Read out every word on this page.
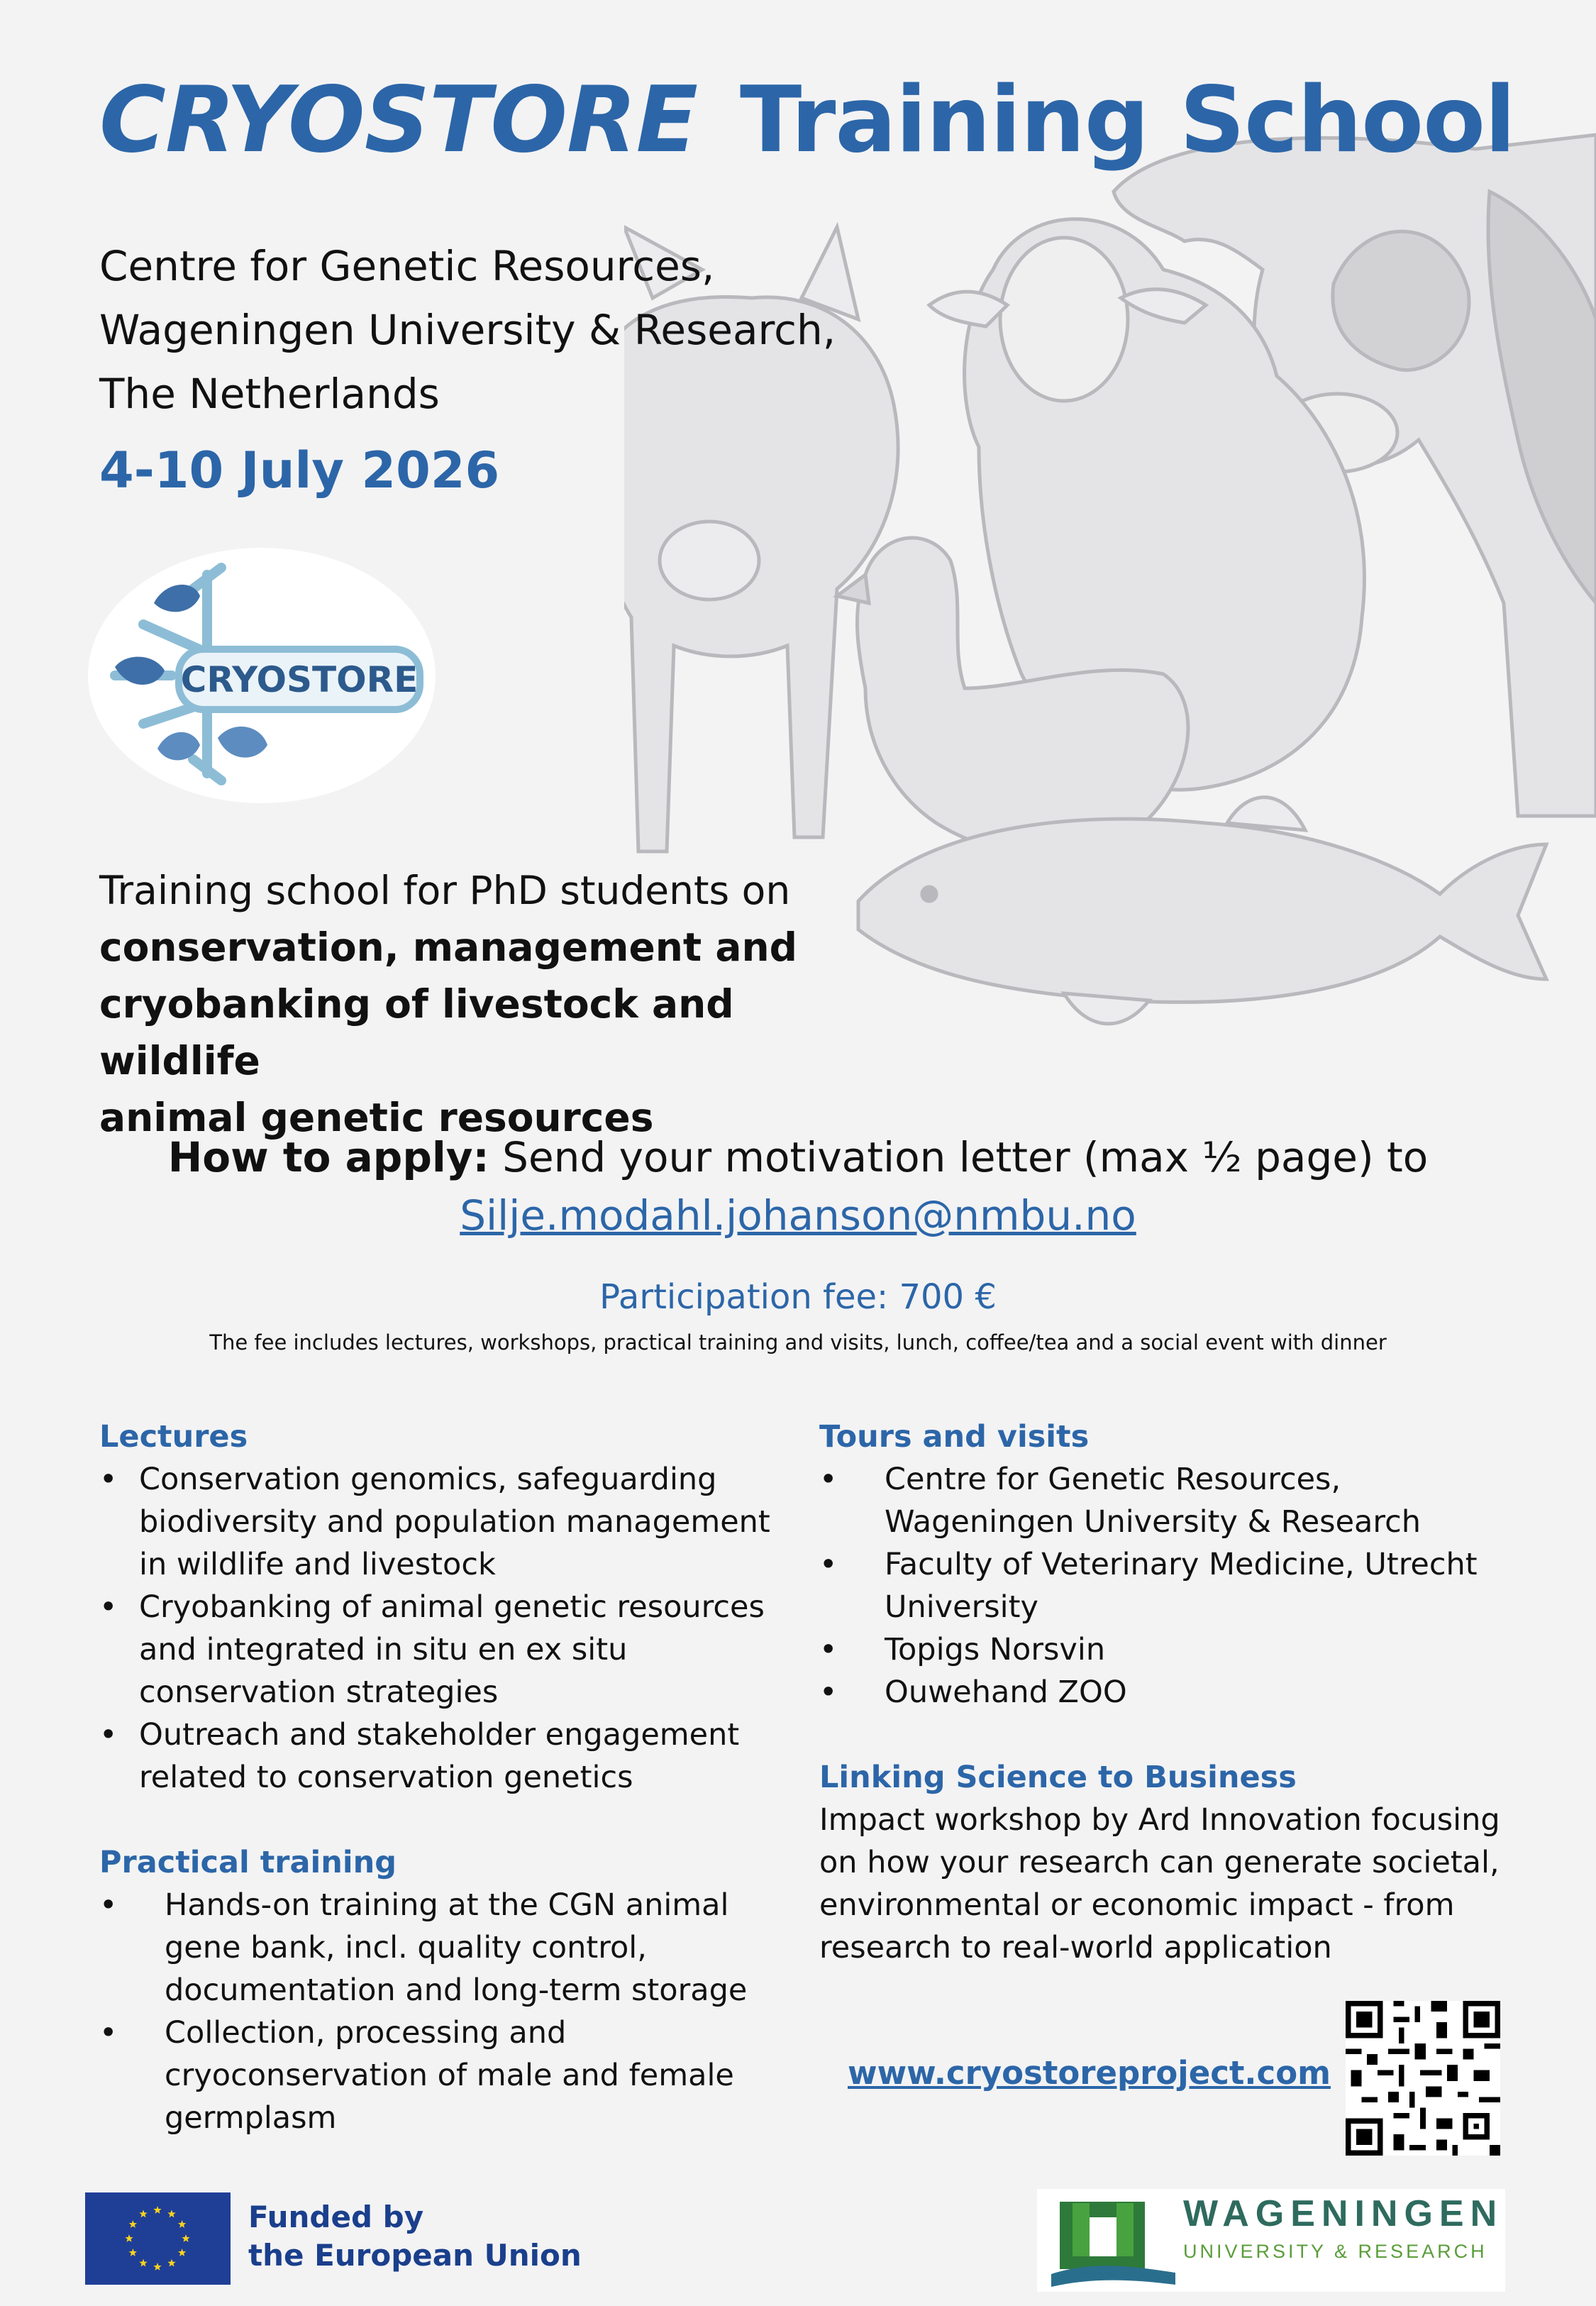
CRYOSTORE Training School
Centre for Genetic Resources,
Wageningen University & Research,
The Netherlands
4-10 July 2026
CRYOSTORE
Training school for PhD students on
conservation, management and
cryobanking of livestock and wildlife
animal genetic resources
How to apply: Send your motivation letter (max ½ page) to
Silje.modahl.johanson@nmbu.no
Participation fee: 700 €
The fee includes lectures, workshops, practical training and visits, lunch, coffee/tea and a social event with dinner
Lectures
• Conservation genomics, safeguarding
biodiversity and population management
in wildlife and livestock
• Cryobanking of animal genetic resources
and integrated in situ en ex situ
conservation strategies
• Outreach and stakeholder engagement
related to conservation genetics
Practical training
• Hands-on training at the CGN animal
gene bank, incl. quality control,
documentation and long-term storage
• Collection, processing and
cryoconservation of male and female
germplasm
Tours and visits
• Centre for Genetic Resources,
Wageningen University & Research
• Faculty of Veterinary Medicine, Utrecht
University
• Topigs Norsvin
• Ouwehand ZOO
Linking Science to Business

Impact workshop by Ard Innovation focusing

on how your research can generate societal,

environmental or economic impact - from

research to real-world application

www.cryostoreproject.com
Funded by
the European Union
WAGENINGEN
UNIVERSITY & RESEARCH
